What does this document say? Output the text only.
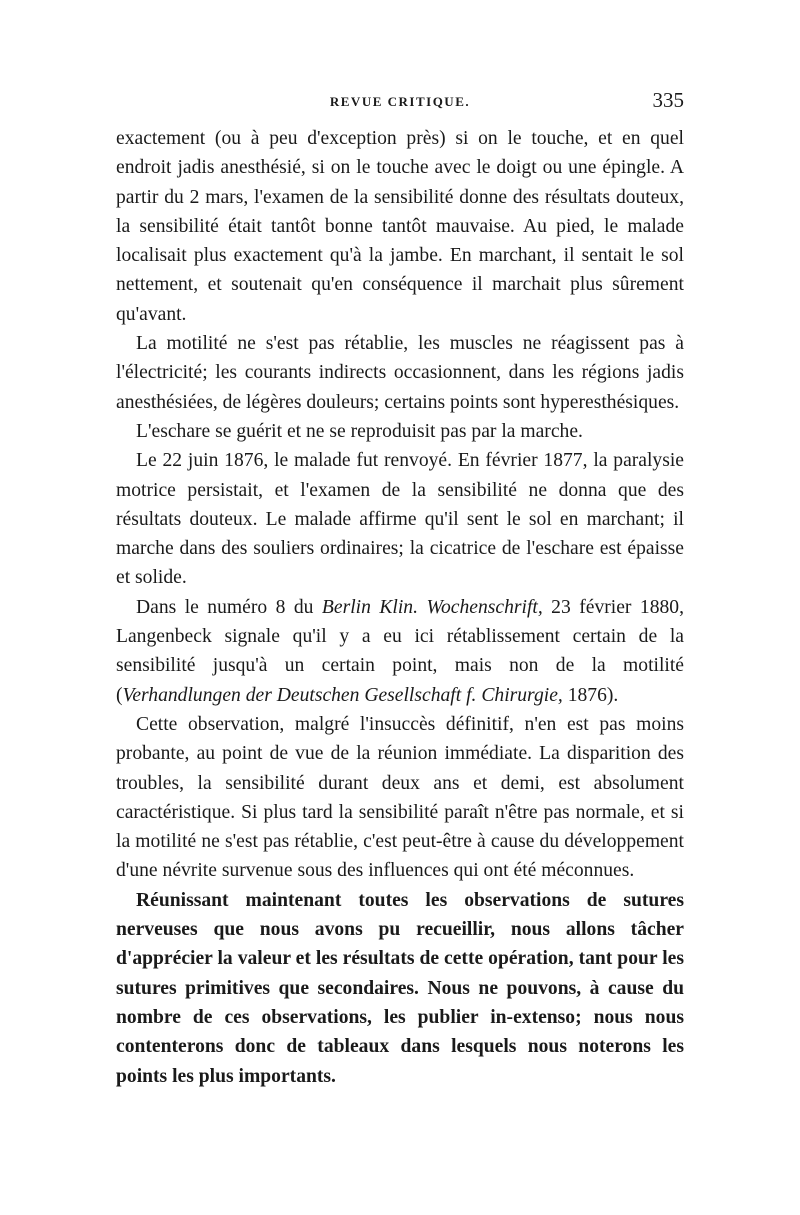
REVUE CRITIQUE.	335

exactement (ou à peu d'exception près) si on le touche, et en quel endroit jadis anesthésié, si on le touche avec le doigt ou une épingle. A partir du 2 mars, l'examen de la sensibilité donne des résultats douteux, la sensibilité était tantôt bonne tantôt mauvaise. Au pied, le malade localisait plus exactement qu'à la jambe. En marchant, il sentait le sol nettement, et soutenait qu'en conséquence il marchait plus sûrement qu'avant.

La motilité ne s'est pas rétablie, les muscles ne réagissent pas à l'électricité; les courants indirects occasionnent, dans les régions jadis anesthésiées, de légères douleurs; certains points sont hyperesthésiques.

L'eschare se guérit et ne se reproduisit pas par la marche.

Le 22 juin 1876, le malade fut renvoyé. En février 1877, la paralysie motrice persistait, et l'examen de la sensibilité ne donna que des résultats douteux. Le malade affirme qu'il sent le sol en marchant; il marche dans des souliers ordinaires; la cicatrice de l'eschare est épaisse et solide.

Dans le numéro 8 du Berlin Klin. Wochenschrift, 23 février 1880, Langenbeck signale qu'il y a eu ici rétablissement certain de la sensibilité jusqu'à un certain point, mais non de la motilité (Verhandlungen der Deutschen Gesellschaft f. Chirurgie, 1876).

Cette observation, malgré l'insuccès définitif, n'en est pas moins probante, au point de vue de la réunion immédiate. La disparition des troubles, la sensibilité durant deux ans et demi, est absolument caractéristique. Si plus tard la sensibilité paraît n'être pas normale, et si la motilité ne s'est pas rétablie, c'est peut-être à cause du développement d'une névrite survenue sous des influences qui ont été méconnues.

Réunissant maintenant toutes les observations de sutures nerveuses que nous avons pu recueillir, nous allons tâcher d'apprécier la valeur et les résultats de cette opération, tant pour les sutures primitives que secondaires. Nous ne pouvons, à cause du nombre de ces observations, les publier in-extenso; nous nous contenterons donc de tableaux dans lesquels nous noterons les points les plus importants.
